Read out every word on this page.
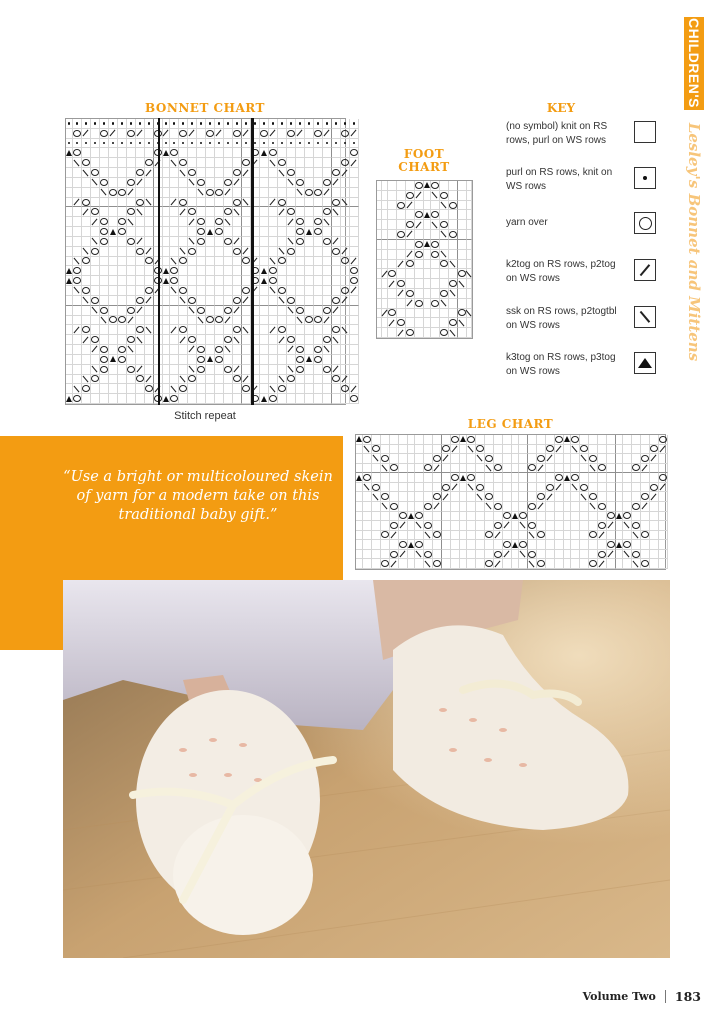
CHILDREN'S
Lesley's Bonnet and Mittens
BONNET CHART
Stitch repeat
FOOT
CHART
KEY
(no symbol) knit on RS rows, purl on WS rows
purl on RS rows, knit on WS rows
yarn over
k2tog on RS rows, p2tog on WS rows
ssk on RS rows, p2togtbl on WS rows
k3tog on RS rows, p3tog on WS rows
LEG CHART
“Use a bright or multicoloured skein of yarn for a modern take on this traditional baby gift.”
Volume Two 183
